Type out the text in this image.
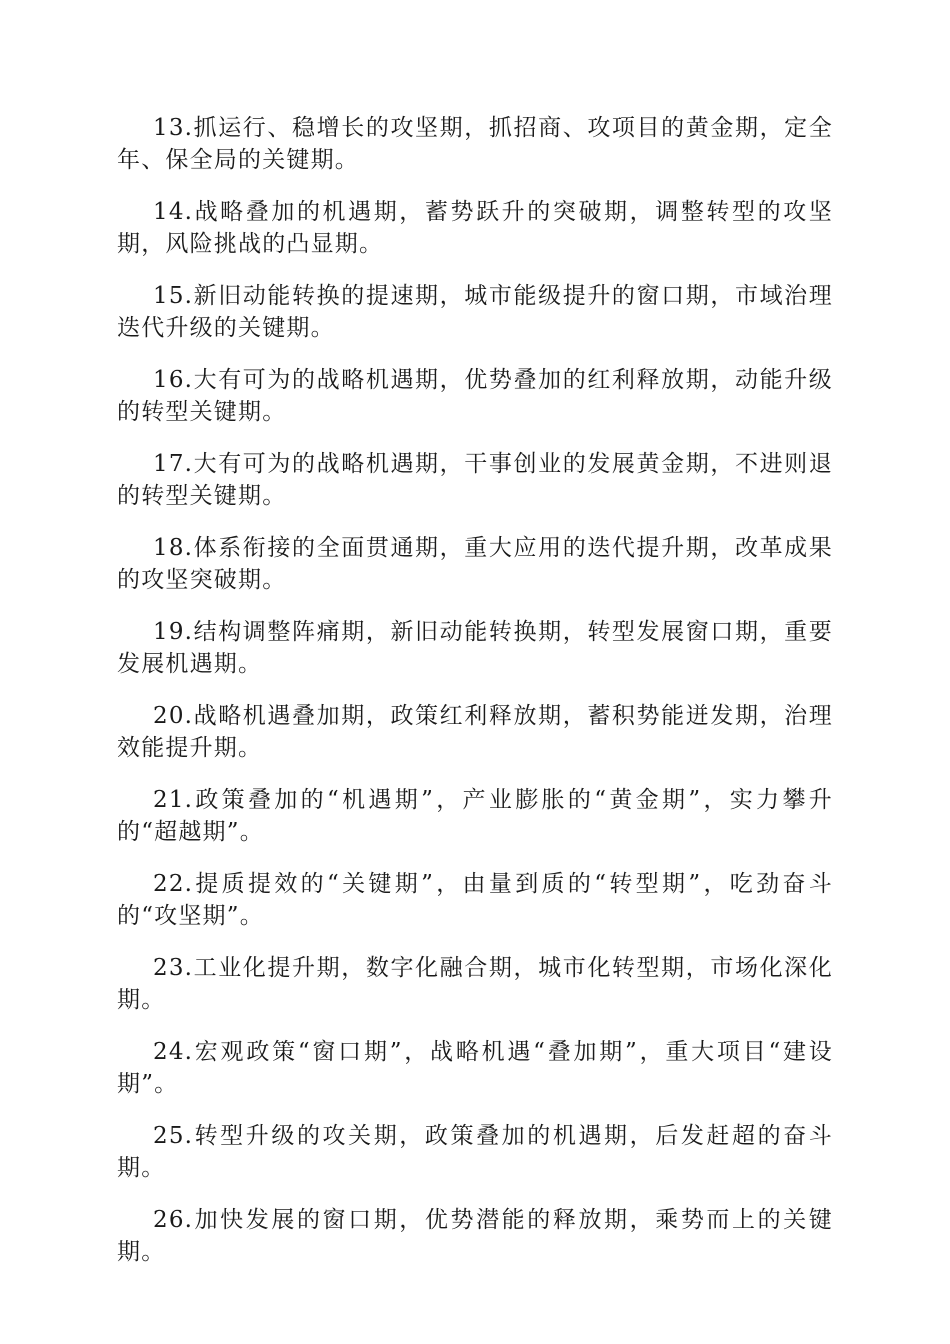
13.抓运行、稳增长的攻坚期，抓招商、攻项目的黄金期，定全年、保全局的关键期。

14.战略叠加的机遇期，蓄势跃升的突破期，调整转型的攻坚期，风险挑战的凸显期。

15.新旧动能转换的提速期，城市能级提升的窗口期，市域治理迭代升级的关键期。

16.大有可为的战略机遇期，优势叠加的红利释放期，动能升级的转型关键期。

17.大有可为的战略机遇期，干事创业的发展黄金期，不进则退的转型关键期。

18.体系衔接的全面贯通期，重大应用的迭代提升期，改革成果的攻坚突破期。

19.结构调整阵痛期，新旧动能转换期，转型发展窗口期，重要发展机遇期。

20.战略机遇叠加期，政策红利释放期，蓄积势能迸发期，治理效能提升期。

21.政策叠加的“机遇期”，产业膨胀的“黄金期”，实力攀升的“超越期”。

22.提质提效的“关键期”，由量到质的“转型期”，吃劲奋斗的“攻坚期”。

23.工业化提升期，数字化融合期，城市化转型期，市场化深化期。

24.宏观政策“窗口期”，战略机遇“叠加期”，重大项目“建设期”。

25.转型升级的攻关期，政策叠加的机遇期，后发赶超的奋斗期。

26.加快发展的窗口期，优势潜能的释放期，乘势而上的关键期。
